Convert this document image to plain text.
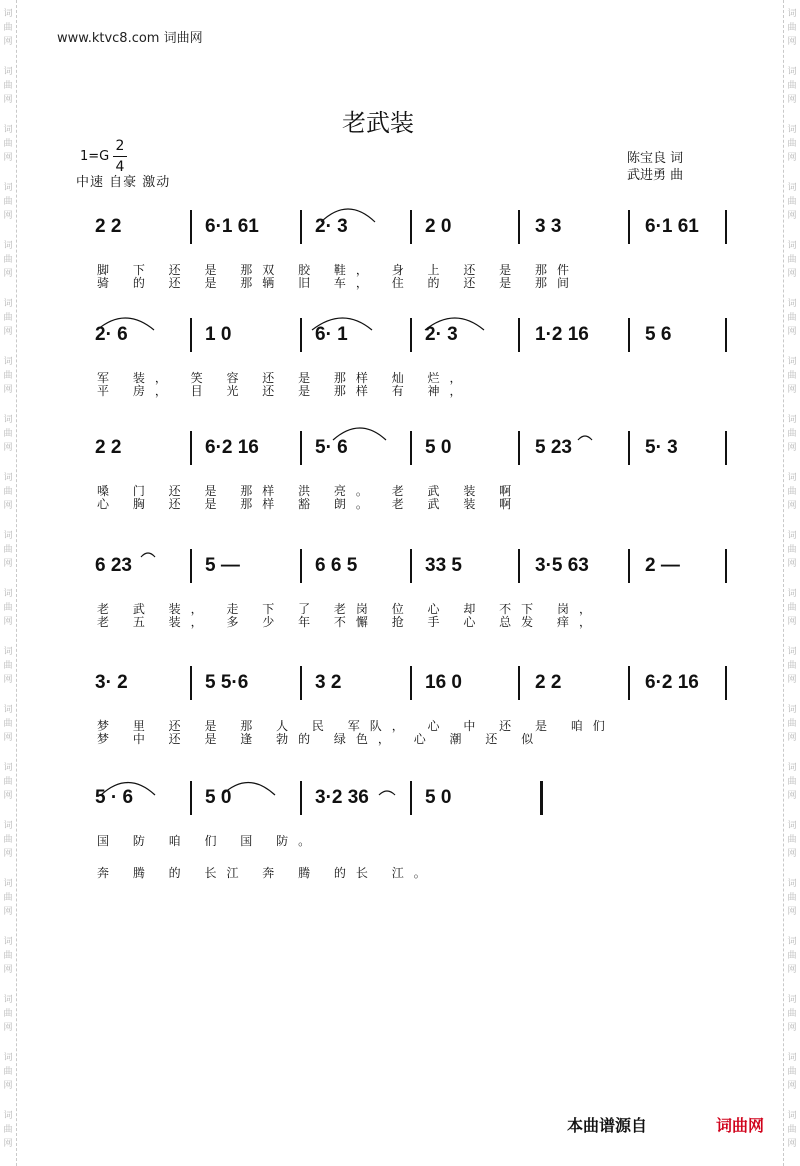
词
曲
网
词
曲
网
词
曲
网
词
曲
网
词
曲
网
词
曲
网
词
曲
网
词
曲
网
词
曲
网
词
曲
网
词
曲
网
词
曲
网
词
曲
网
词
曲
网
词
曲
网
词
曲
网
词
曲
网
词
曲
网
词
曲
网
词
曲
网
词
曲
网
词
曲
网
词
曲
网
词
曲
网
词
曲
网
词
曲
网
词
曲
网
词
曲
网
词
曲
网
词
曲
网
词
曲
网
词
曲
网
词
曲
网
词
曲
网
词
曲
网
词
曲
网
词
曲
网
词
曲
网
词
曲
网
词
曲
网
www.ktvc8.com 词曲网
老武装
1=G
2
4
中速 自豪 激动
陈宝良 词
武进勇 曲
2 2	6·1 61	2· 3	2 0	3 3	6·1 61
脚 下 还 是 那双 胶 鞋， 身 上 还 是 那件
骑 的 还 是 那辆 旧 车， 住 的 还 是 那间
2· 6	1 0	6· 1	2· 3	1·2 16	5 6
军 装， 笑 容 还 是 那样 灿 烂，
平 房， 目 光 还 是 那样 有 神，
2 2	6·2 16	5· 6	5 0	5 23	5· 3
嗓 门 还 是 那样 洪 亮。 老 武 装 啊
心 胸 还 是 那样 豁 朗。 老 武 装 啊
6 23	5 —	6 6 5	33 5	3·5 63	2 —
老 武 装， 走 下 了 老岗 位 心 却 不下 岗，
老 五 装， 多 少 年 不懈 抢 手 心 总发 痒，
3· 2	5 5·6	3 2	16 0	2 2	6·2 16
梦 里 还 是 那 人 民 军队， 心 中 还 是 咱们
梦 中 还 是 逢 勃的 绿色， 心 潮 还 似
5 · 6	5 0	3·2 36	5 0
国 防 咱 们 国 防。
奔 腾 的 长江 奔 腾 的长 江。
本曲谱源自	词曲网
